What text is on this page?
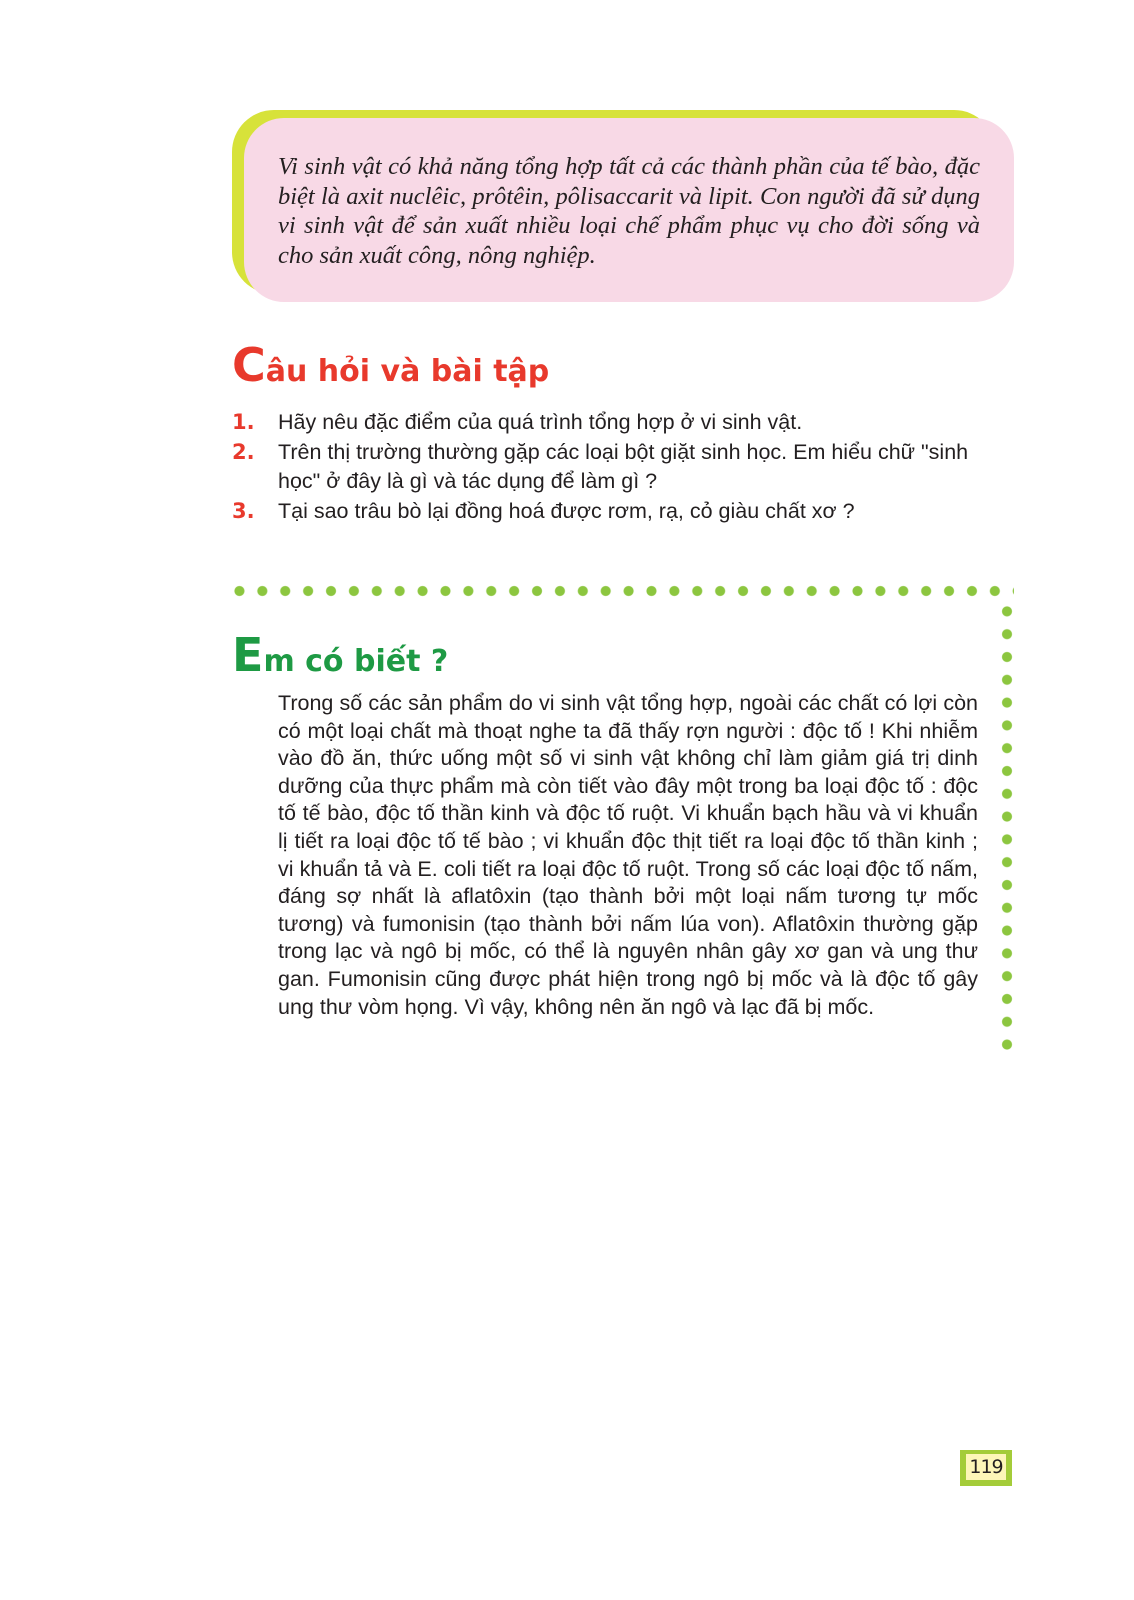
Vi sinh vật có khả năng tổng hợp tất cả các thành phần của tế bào, đặc biệt là axit nuclêic, prôtêin, pôlisaccarit và lipit. Con người đã sử dụng vi sinh vật để sản xuất nhiều loại chế phẩm phục vụ cho đời sống và cho sản xuất công, nông nghiệp.

Câu hỏi và bài tập
1. Hãy nêu đặc điểm của quá trình tổng hợp ở vi sinh vật.
2. Trên thị trường thường gặp các loại bột giặt sinh học. Em hiểu chữ "sinh học" ở đây là gì và tác dụng để làm gì ?
3. Tại sao trâu bò lại đồng hoá được rơm, rạ, cỏ giàu chất xơ ?
Em có biết ?

Trong số các sản phẩm do vi sinh vật tổng hợp, ngoài các chất có lợi còn có một loại chất mà thoạt nghe ta đã thấy rợn người : độc tố ! Khi nhiễm vào đồ ăn, thức uống một số vi sinh vật không chỉ làm giảm giá trị dinh dưỡng của thực phẩm mà còn tiết vào đây một trong ba loại độc tố : độc tố tế bào, độc tố thần kinh và độc tố ruột. Vi khuẩn bạch hầu và vi khuẩn lị tiết ra loại độc tố tế bào ; vi khuẩn độc thịt tiết ra loại độc tố thần kinh ; vi khuẩn tả và E. coli tiết ra loại độc tố ruột. Trong số các loại độc tố nấm, đáng sợ nhất là aflatôxin (tạo thành bởi một loại nấm tương tự mốc tương) và fumonisin (tạo thành bởi nấm lúa von). Aflatôxin thường gặp trong lạc và ngô bị mốc, có thể là nguyên nhân gây xơ gan và ung thư gan. Fumonisin cũng được phát hiện trong ngô bị mốc và là độc tố gây ung thư vòm họng. Vì vậy, không nên ăn ngô và lạc đã bị mốc.

119
